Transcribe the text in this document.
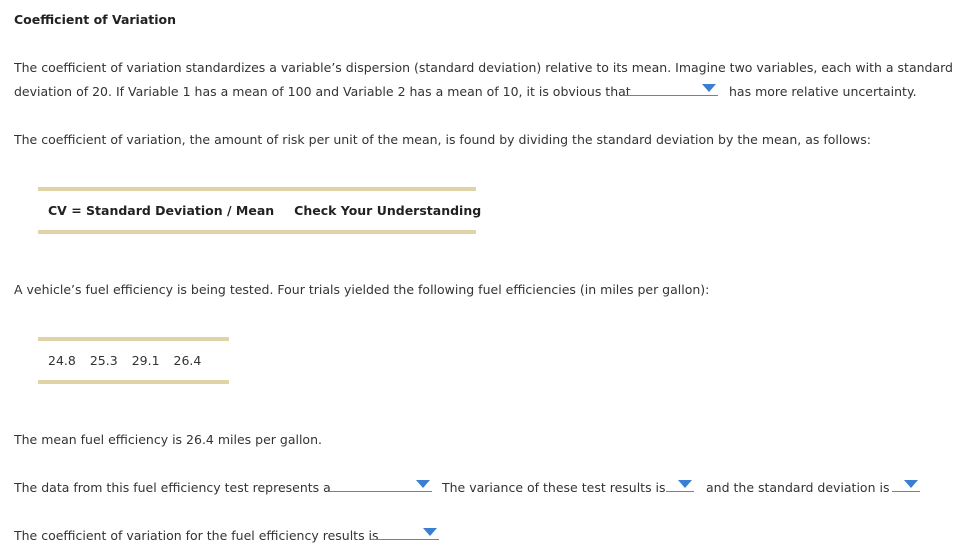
Coefficient of Variation
The coefficient of variation standardizes a variable’s dispersion (standard deviation) relative to its mean. Imagine two variables, each with a standard
deviation of 20. If Variable 1 has a mean of 100 and Variable 2 has a mean of 10, it is obvious that	has more relative uncertainty.
The coefficient of variation, the amount of risk per unit of the mean, is found by dividing the standard deviation by the mean, as follows:
CV = Standard Deviation / Mean Check Your Understanding
A vehicle’s fuel efficiency is being tested. Four trials yielded the following fuel efficiencies (in miles per gallon):
24.8 25.3 29.1 26.4
The mean fuel efficiency is 26.4 miles per gallon.
The data from this fuel efficiency test represents a	The variance of these test results is	and the standard deviation is
The coefficient of variation for the fuel efficiency results is
